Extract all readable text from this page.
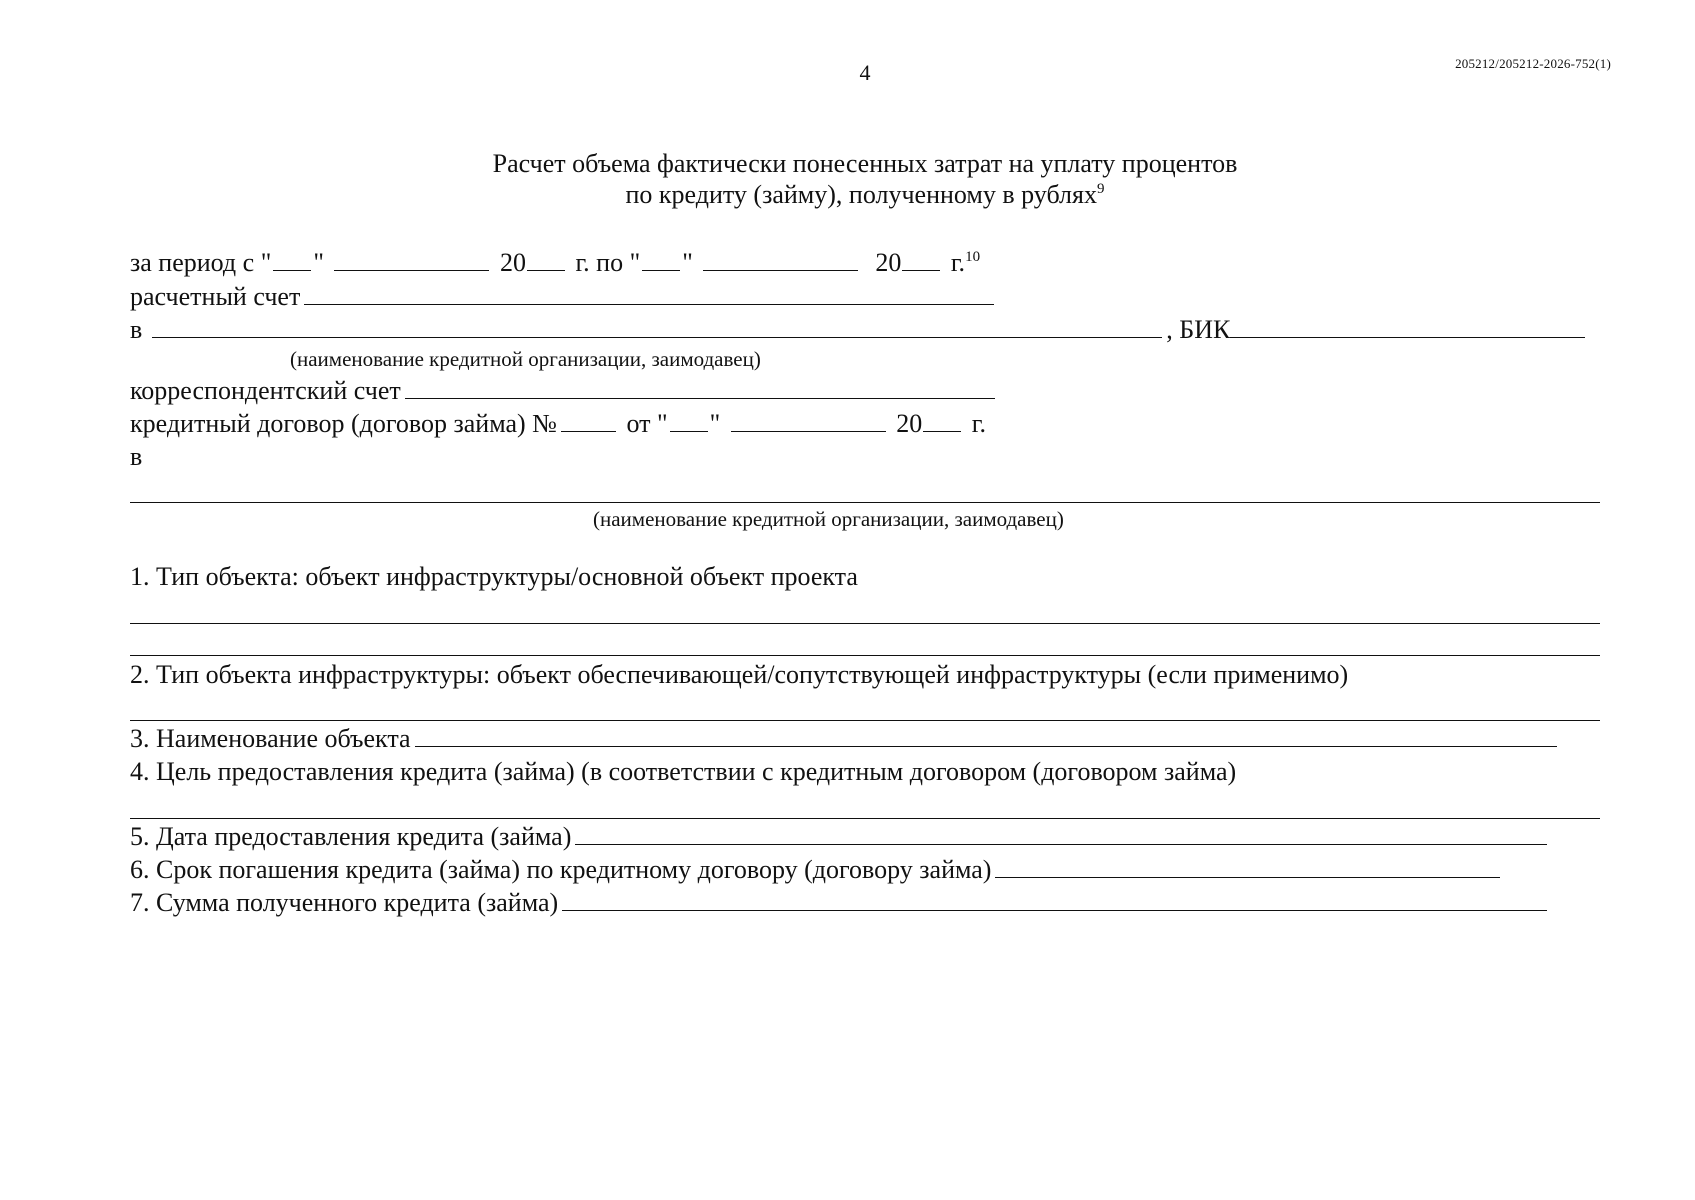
4	205212/205212-2026-752(1)
Расчет объема фактически понесенных затрат на уплату процентов
по кредиту (займу), полученному в рублях$^9$
за период с " "	20 г. по " "	20 г.$^{10}$
расчетный счет
в	, БИК
(наименование кредитной организации, заимодавец)
корреспондентский счет
кредитный договор (договор займа) №	от " "	20 г.
в
(наименование кредитной организации, заимодавец)
1. Тип объекта: объект инфраструктуры/основной объект проекта
2. Тип объекта инфраструктуры: объект обеспечивающей/сопутствующей инфраструктуры (если применимо)
3. Наименование объекта
4. Цель предоставления кредита (займа) (в соответствии с кредитным договором (договором займа)
5. Дата предоставления кредита (займа)
6. Срок погашения кредита (займа) по кредитному договору (договору займа)
7. Сумма полученного кредита (займа)
